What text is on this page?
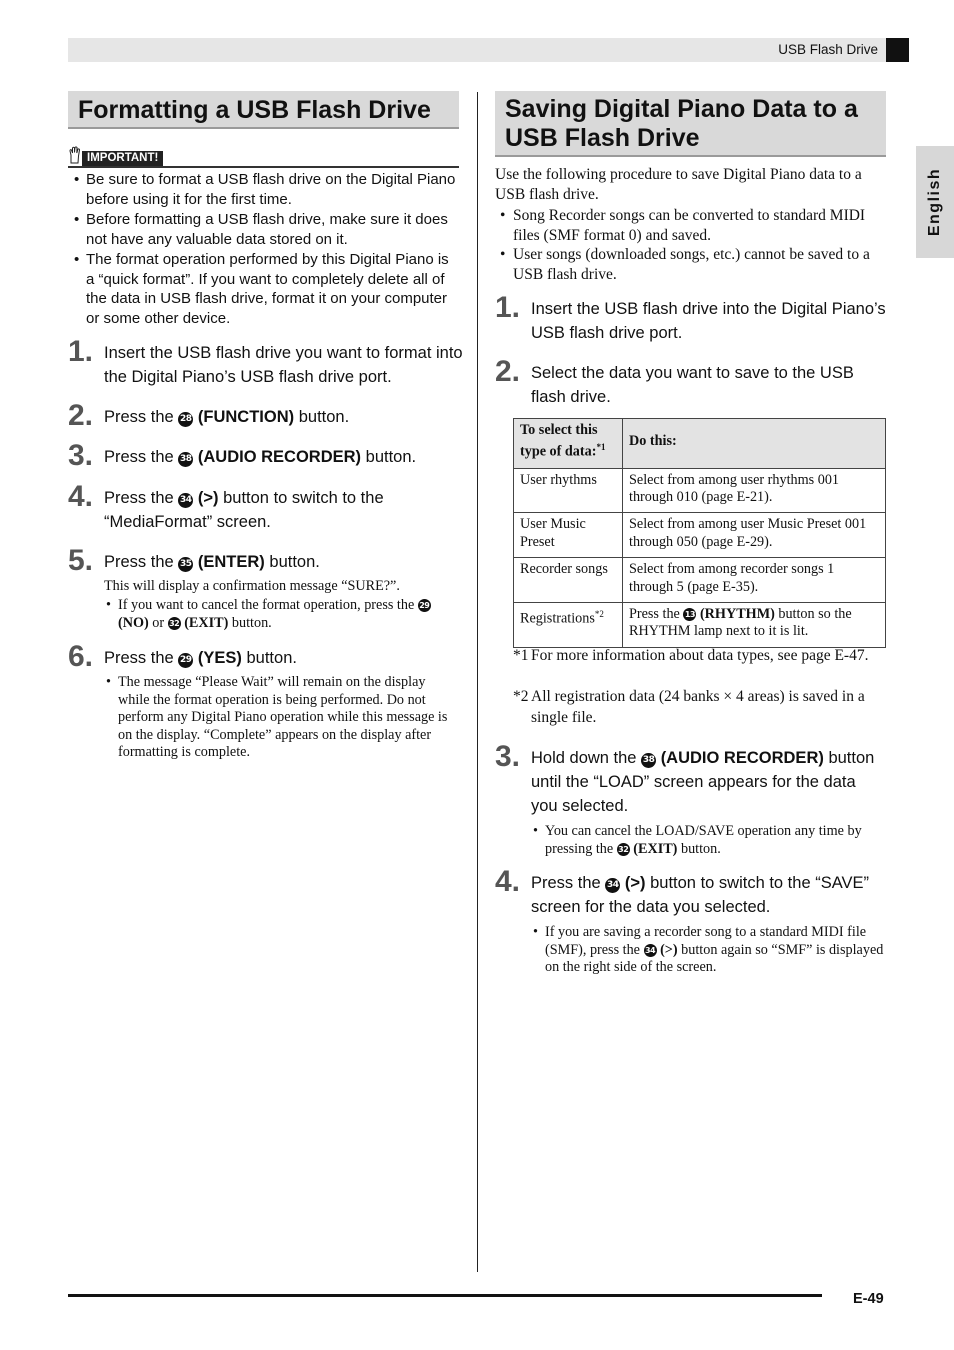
USB Flash Drive
English
Formatting a USB Flash Drive
IMPORTANT!
• Be sure to format a USB flash drive on the Digital Piano before using it for the first time.
• Before formatting a USB flash drive, make sure it does not have any valuable data stored on it.
• The format operation performed by this Digital Piano is a “quick format”. If you want to completely delete all of the data in USB flash drive, format it on your computer or some other device.
1. Insert the USB flash drive you want to format into the Digital Piano’s USB flash drive port.
2. Press the 28 (FUNCTION) button.
3. Press the 38 (AUDIO RECORDER) button.
4. Press the 34 (>) button to switch to the “MediaFormat” screen.
5. Press the 35 (ENTER) button.
This will display a confirmation message “SURE?”.
• If you want to cancel the format operation, press the 29 (NO) or 32 (EXIT) button.
6. Press the 29 (YES) button.
• The message “Please Wait” will remain on the display while the format operation is being performed. Do not perform any Digital Piano operation while this message is on the display. “Complete” appears on the display after formatting is complete.
Saving Digital Piano Data to a USB Flash Drive
Use the following procedure to save Digital Piano data to a USB flash drive.
• Song Recorder songs can be converted to standard MIDI files (SMF format 0) and saved.
• User songs (downloaded songs, etc.) cannot be saved to a USB flash drive.
1. Insert the USB flash drive into the Digital Piano’s USB flash drive port.
2. Select the data you want to save to the USB flash drive.
To select this type of data:$^{*1}$	Do this:
User rhythms	Select from among user rhythms 001 through 010 (page E-21).
User Music Preset	Select from among user Music Preset 001 through 050 (page E-29).
Recorder songs	Select from among recorder songs 1 through 5 (page E-35).
Registrations$^{*2}$	Press the 13 (RHYTHM) button so the RHYTHM lamp next to it is lit.
*1 For more information about data types, see page E-47.
*2 All registration data (24 banks × 4 areas) is saved in a single file.
3. Hold down the 38 (AUDIO RECORDER) button until the “LOAD” screen appears for the data you selected.
• You can cancel the LOAD/SAVE operation any time by pressing the 32 (EXIT) button.
4. Press the 34 (>) button to switch to the “SAVE” screen for the data you selected.
• If you are saving a recorder song to a standard MIDI file (SMF), press the 34 (>) button again so “SMF” is displayed on the right side of the screen.
E-49
